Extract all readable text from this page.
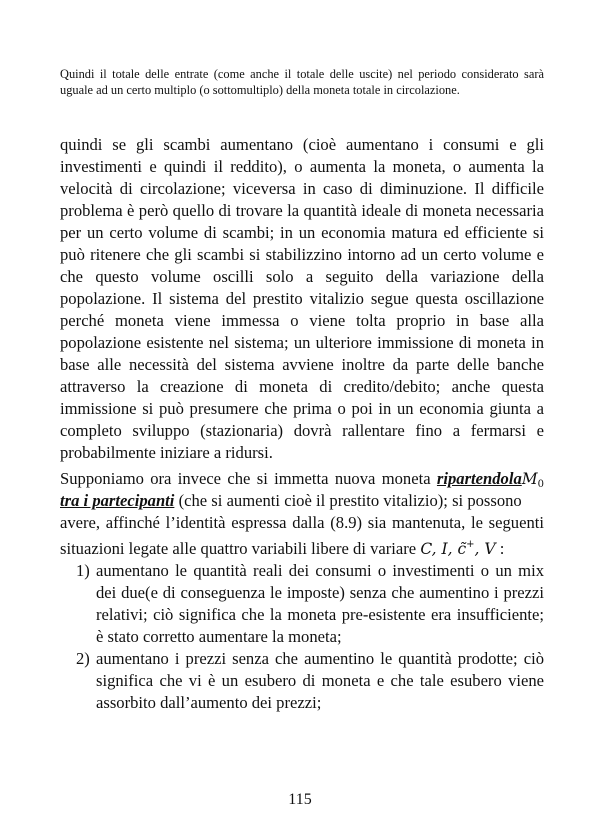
Quindi il totale delle entrate (come anche il totale delle uscite) nel periodo considerato sarà uguale ad un certo multiplo (o sottomultiplo) della moneta totale in circolazione.

quindi se gli scambi aumentano (cioè aumentano i consumi e gli investimenti e quindi il reddito), o aumenta la moneta, o aumenta la velocità di circolazione; viceversa in caso di diminuzione. Il difficile problema è però quello di trovare la quantità ideale di moneta necessaria per un certo volume di scambi; in un economia matura ed efficiente si può ritenere che gli scambi si stabilizzino intorno ad un certo volume e che questo volume oscilli solo a seguito della variazione della popolazione. Il sistema del prestito vitalizio segue questa oscillazione perché moneta viene immessa o viene tolta proprio in base alla popolazione esistente nel sistema; un ulteriore immissione di moneta in base alle necessità del sistema avviene inoltre da parte delle banche attraverso la creazione di moneta di credito/debito; anche questa immissione si può presumere che prima o poi in un economia giunta a completo sviluppo (stazionaria) dovrà rallentare fino a fermarsi e probabilmente iniziare a ridursi.

$M_0$
Supponiamo ora invece che si immetta nuova moneta ripartendola tra i partecipanti (che si aumenti cioè il prestito vitalizio); si possono avere, affinché l’identità espressa dalla (8.9) sia mantenuta, le seguenti situazioni legate alle quattro variabili libere di variare C, I, c̃+, V :

1) aumentano le quantità reali dei consumi o investimenti o un mix dei due(e di conseguenza le imposte) senza che aumentino i prezzi relativi; ciò significa che la moneta pre-esistente era insufficiente; è stato corretto aumentare la moneta;
2) aumentano i prezzi senza che aumentino le quantità prodotte; ciò significa che vi è un esubero di moneta e che tale esubero viene assorbito dall’aumento dei prezzi;
115
